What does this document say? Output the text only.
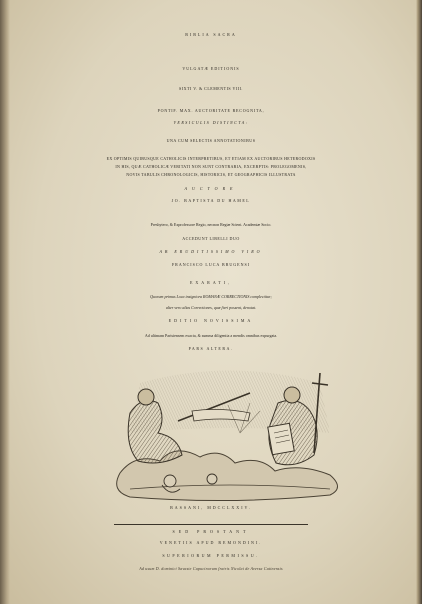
BIBLIA SACRA
VULGATÆ EDITIONIS
SIXTI V. & CLEMENTIS VIII.
PONTIF. MAX. AUCTORITATE RECOGNITA,
VERSICULIS DISTINCTA:
UNA CUM SELECTIS ANNOTATIONIBUS
EX OPTIMIS QUIBUSQUE CATHOLICIS INTERPRETIBUS, ET ETIAM EX AUCTORIBUS HETERODOXIS
IN HIS, QUÆ CATHOLICÆ VERITATI NON SUNT CONTRARIA, EXCERPTIS: PROLEGOMENIS,
NOVIS TABULIS CHRONOLOGICIS, HISTORICIS, ET GEOGRAPHICIS ILLUSTRATA
AUCTORE
JO. BAPTISTA DU HAMEL
Presbytero, & Exprofessore Regio, necnon Regiæ Scient. Academiæ Socio.
ACCEDUNT LIBELLI DUO
AB ERUDITISSIMO VIRO
FRANCISCO LUCA BRUGENSI
EXARATI,
Quorum primus Loca insigniora ROMANÆ CORRECTIONIS complectitur;
alter vero alias Correctiones, quæ fieri possent, denotat.
EDITIO NOVISSIMA
Ad ultimam Parisiensem exacta, & summa diligentia a mendis omnibus expurgata.
PARS ALTERA.
BASSANI, MDCCLXXIV.
SED PROSTANT
VENETIIS APUD REMONDINI.
SUPERIORUM PERMISSU.
Ad usum D. dominici Savaste Capucinorum fratris Nicolai de Aversa Catinensis
